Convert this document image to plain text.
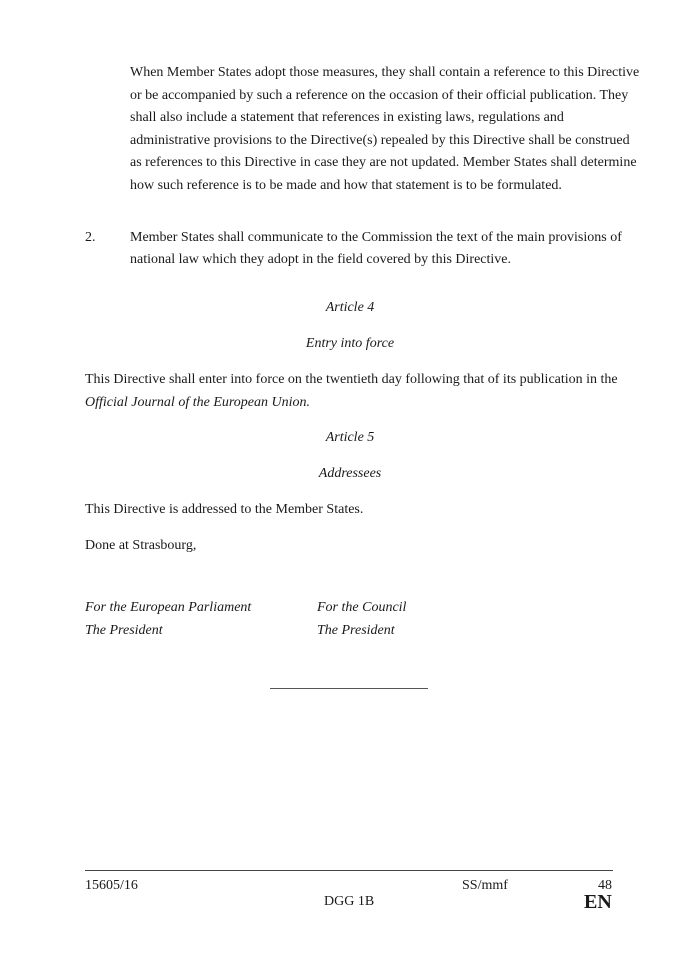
When Member States adopt those measures, they shall contain a reference to this Directive
or be accompanied by such a reference on the occasion of their official publication. They
shall also include a statement that references in existing laws, regulations and
administrative provisions to the Directive(s) repealed by this Directive shall be construed
as references to this Directive in case they are not updated. Member States shall determine
how such reference is to be made and how that statement is to be formulated.
2. Member States shall communicate to the Commission the text of the main provisions of
national law which they adopt in the field covered by this Directive.
Article 4
Entry into force
This Directive shall enter into force on the twentieth day following that of its publication in the
Official Journal of the European Union.
Article 5
Addressees
This Directive is addressed to the Member States.
Done at Strasbourg,
For the European Parliament
The President
For the Council
The President
15605/16	SS/mmf	48
DGG 1B	EN
